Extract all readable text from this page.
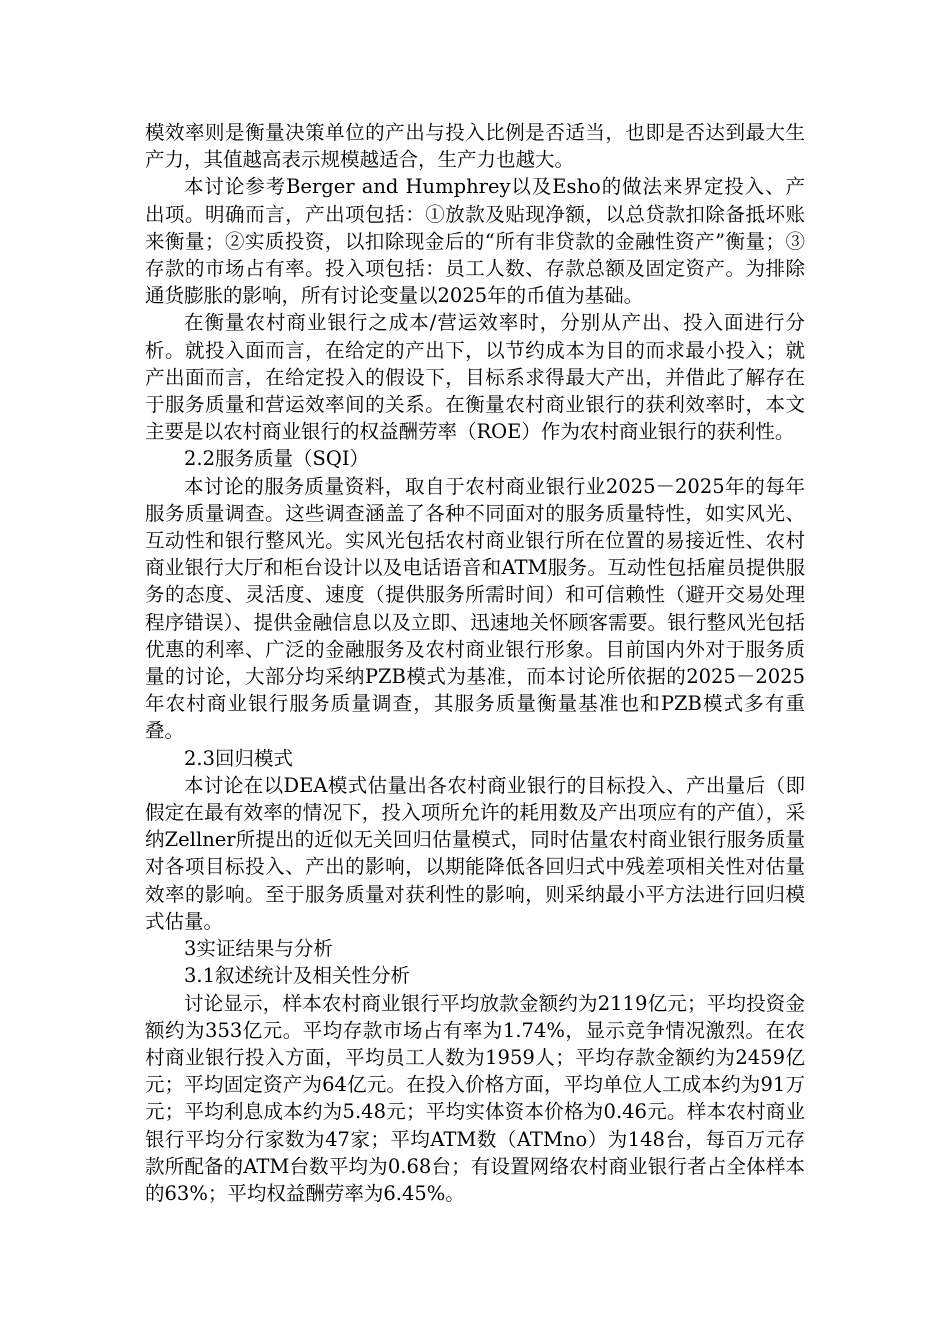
模效率则是衡量决策单位的产出与投入比例是否适当，也即是否达到最大生产力，其值越高表示规模越适合，生产力也越大。

本讨论参考Berger and Humphrey以及Esho的做法来界定投入、产出项。明确而言，产出项包括：①放款及贴现净额，以总贷款扣除备抵坏账来衡量；②实质投资，以扣除现金后的“所有非贷款的金融性资产”衡量；③存款的市场占有率。投入项包括：员工人数、存款总额及固定资产。为排除通货膨胀的影响，所有讨论变量以2025年的币值为基础。

在衡量农村商业银行之成本/营运效率时，分别从产出、投入面进行分析。就投入面而言，在给定的产出下，以节约成本为目的而求最小投入；就产出面而言，在给定投入的假设下，目标系求得最大产出，并借此了解存在于服务质量和营运效率间的关系。在衡量农村商业银行的获利效率时，本文主要是以农村商业银行的权益酬劳率（ROE）作为农村商业银行的获利性。

2.2服务质量（SQI）

本讨论的服务质量资料，取自于农村商业银行业2025－2025年的每年服务质量调查。这些调查涵盖了各种不同面对的服务质量特性，如实风光、互动性和银行整风光。实风光包括农村商业银行所在位置的易接近性、农村商业银行大厅和柜台设计以及电话语音和ATM服务。互动性包括雇员提供服务的态度、灵活度、速度（提供服务所需时间）和可信赖性（避开交易处理程序错误）、提供金融信息以及立即、迅速地关怀顾客需要。银行整风光包括优惠的利率、广泛的金融服务及农村商业银行形象。目前国内外对于服务质量的讨论，大部分均采纳PZB模式为基准，而本讨论所依据的2025－2025年农村商业银行服务质量调查，其服务质量衡量基准也和PZB模式多有重叠。

2.3回归模式

本讨论在以DEA模式估量出各农村商业银行的目标投入、产出量后（即假定在最有效率的情况下，投入项所允许的耗用数及产出项应有的产值），采纳Zellner所提出的近似无关回归估量模式，同时估量农村商业银行服务质量对各项目标投入、产出的影响，以期能降低各回归式中残差项相关性对估量效率的影响。至于服务质量对获利性的影响，则采纳最小平方法进行回归模式估量。

3实证结果与分析

3.1叙述统计及相关性分析

讨论显示，样本农村商业银行平均放款金额约为2119亿元；平均投资金额约为353亿元。平均存款市场占有率为1.74%，显示竞争情况激烈。在农村商业银行投入方面，平均员工人数为1959人；平均存款金额约为2459亿元；平均固定资产为64亿元。在投入价格方面，平均单位人工成本约为91万元；平均利息成本约为5.48元；平均实体资本价格为0.46元。样本农村商业银行平均分行家数为47家；平均ATM数（ATMno）为148台，每百万元存款所配备的ATM台数平均为0.68台；有设置网络农村商业银行者占全体样本的63%；平均权益酬劳率为6.45%。
